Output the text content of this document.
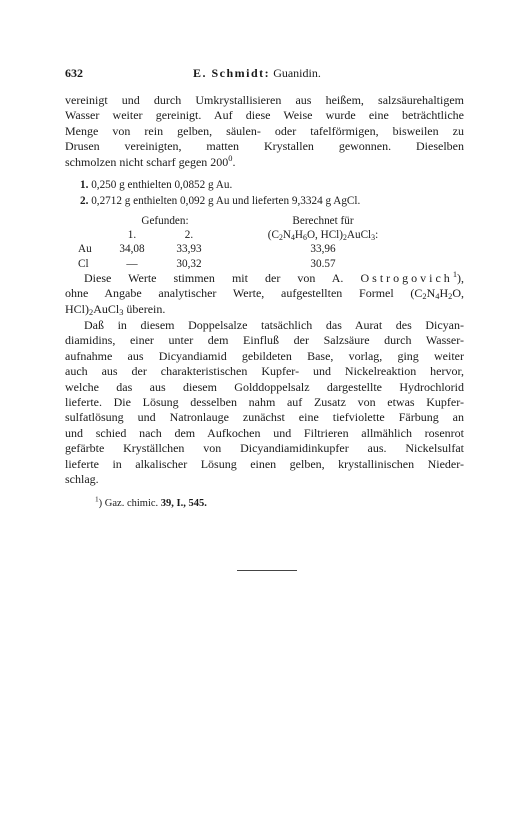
632	E. Schmidt: Guanidin.

vereinigt und durch Umkrystallisieren aus heißem, salzsäurehaltigem

Wasser weiter gereinigt. Auf diese Weise wurde eine beträchtliche

Menge von rein gelben, säulen- oder tafelförmigen, bisweilen zu

Drusen vereinigten, matten Krystallen gewonnen. Dieselben

schmolzen nicht scharf gegen $200^0$.

1. 0,250 g enthielten 0,0852 g Au.
2. 0,2712 g enthielten 0,092 g Au und lieferten 9,3324 g AgCl.
	Gefunden:		Berechnet für
	1.	2.	($C_2N_4H_6O$, $HCl)_2AuCl_3$:
Au	34,08	33,93	33,96
Cl	—	30,32	30.57

Diese Werte stimmen mit der von A. Ostrogovich$^1$),

ohne Angabe analytischer Werte, aufgestellten Formel ($C_2N_4H_2O$,

$HCl)_2AuCl_3$ überein.

Daß in diesem Doppelsalze tatsächlich das Aurat des Dicyan-

diamidins, einer unter dem Einfluß der Salzsäure durch Wasser-

aufnahme aus Dicyandiamid gebildeten Base, vorlag, ging weiter

auch aus der charakteristischen Kupfer- und Nickelreaktion hervor,

welche das aus diesem Golddoppelsalz dargestellte Hydrochlorid

lieferte. Die Lösung desselben nahm auf Zusatz von etwas Kupfer-

sulfatlösung und Natronlauge zunächst eine tiefviolette Färbung an

und schied nach dem Aufkochen und Filtrieren allmählich rosenrot

gefärbte Kryställchen von Dicyandiamidinkupfer aus. Nickelsulfat

lieferte in alkalischer Lösung einen gelben, krystallinischen Nieder-

schlag.

$^1$) Gaz. chimic. 39, I., 545.
